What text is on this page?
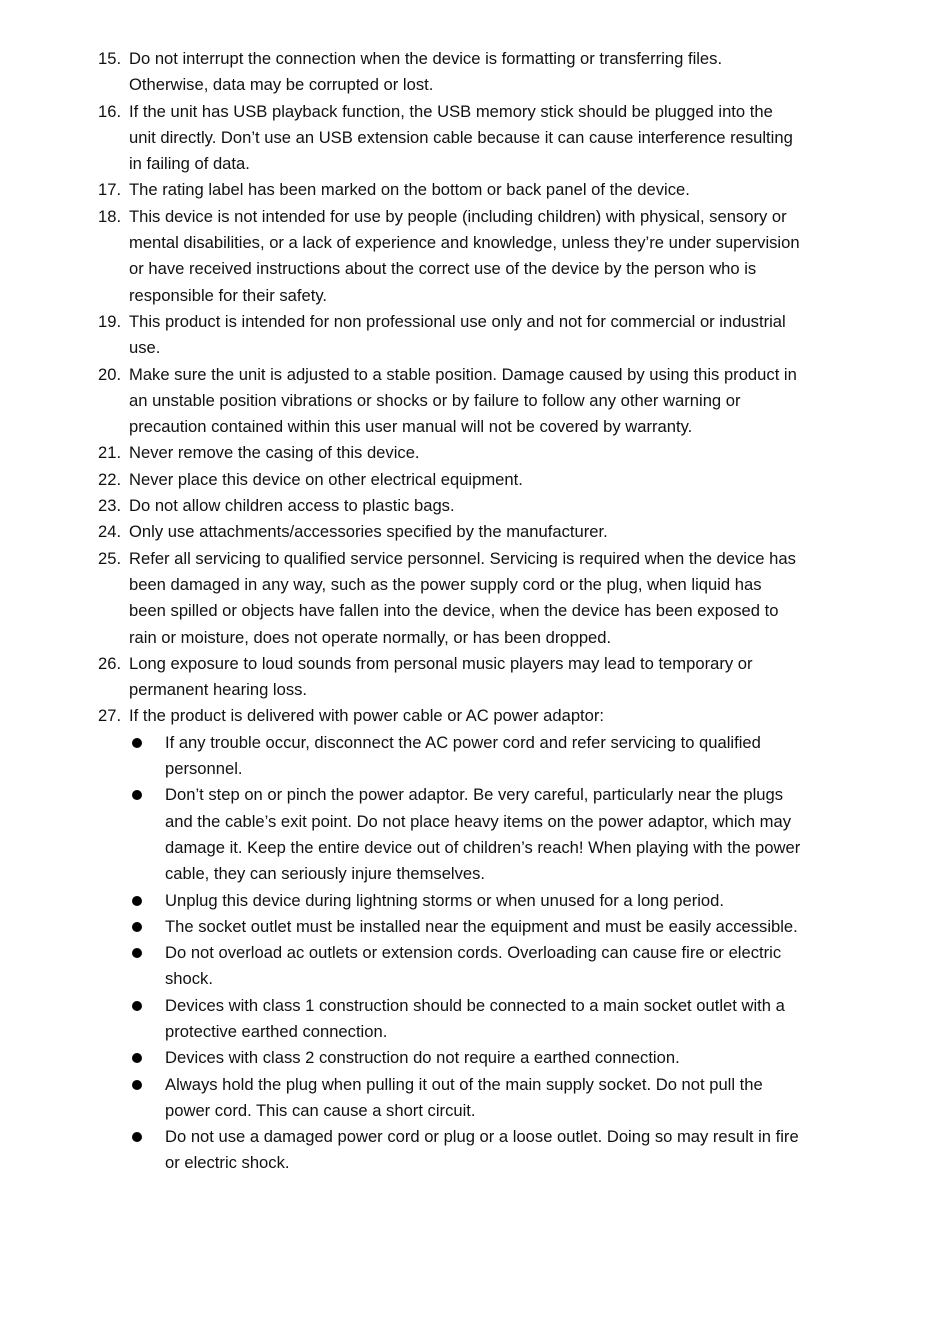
15. Do not interrupt the connection when the device is formatting or transferring files. Otherwise, data may be corrupted or lost.
16. If the unit has USB playback function, the USB memory stick should be plugged into the unit directly. Don’t use an USB extension cable because it can cause interference resulting in failing of data.
17. The rating label has been marked on the bottom or back panel of the device.
18. This device is not intended for use by people (including children) with physical, sensory or mental disabilities, or a lack of experience and knowledge, unless they’re under supervision or have received instructions about the correct use of the device by the person who is responsible for their safety.
19. This product is intended for non professional use only and not for commercial or industrial use.
20. Make sure the unit is adjusted to a stable position. Damage caused by using this product in an unstable position vibrations or shocks or by failure to follow any other warning or precaution contained within this user manual will not be covered by warranty.
21. Never remove the casing of this device.
22. Never place this device on other electrical equipment.
23. Do not allow children access to plastic bags.
24. Only use attachments/accessories specified by the manufacturer.
25. Refer all servicing to qualified service personnel. Servicing is required when the device has been damaged in any way, such as the power supply cord or the plug, when liquid has been spilled or objects have fallen into the device, when the device has been exposed to rain or moisture, does not operate normally, or has been dropped.
26. Long exposure to loud sounds from personal music players may lead to temporary or permanent hearing loss.
27. If the product is delivered with power cable or AC power adaptor:
If any trouble occur, disconnect the AC power cord and refer servicing to qualified personnel.
Don’t step on or pinch the power adaptor. Be very careful, particularly near the plugs and the cable’s exit point. Do not place heavy items on the power adaptor, which may damage it. Keep the entire device out of children’s reach! When playing with the power cable, they can seriously injure themselves.
Unplug this device during lightning storms or when unused for a long period.
The socket outlet must be installed near the equipment and must be easily accessible.
Do not overload ac outlets or extension cords. Overloading can cause fire or electric shock.
Devices with class 1 construction should be connected to a main socket outlet with a protective earthed connection.
Devices with class 2 construction do not require a earthed connection.
Always hold the plug when pulling it out of the main supply socket. Do not pull the power cord. This can cause a short circuit.
Do not use a damaged power cord or plug or a loose outlet. Doing so may result in fire or electric shock.
